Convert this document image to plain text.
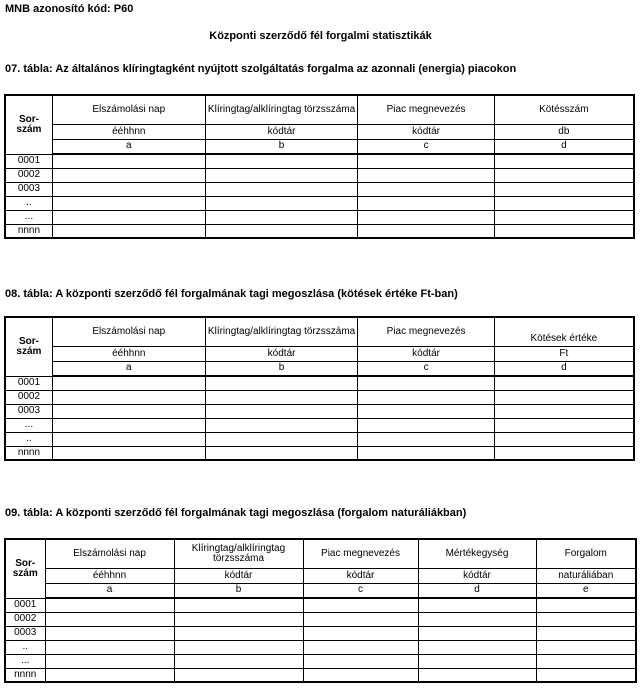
MNB azonosító kód: P60
Központi szerződő fél forgalmi statisztikák
07. tábla: Az általános klíringtagként nyújtott szolgáltatás forgalma az azonnali (energia) piacokon
Sor-
szám	Elszámolási nap	Klíringtag/alklíringtag törzsszáma	Piac megnevezés	Kötésszám
	ééhhnn	kódtár	kódtár	db
	a	b	c	d
0001				
0002				
0003				
..				
...				
nnnn				
08. tábla: A központi szerződő fél forgalmának tagi megoszlása (kötések értéke Ft-ban)
Sor-
szám	Elszámolási nap	Klíringtag/alklíringtag törzsszáma	Piac megnevezés	Kötések értéke
	ééhhnn	kódtár	kódtár	Ft
	a	b	c	d
0001				
0002				
0003				
...				
..				
nnnn				
09. tábla: A központi szerződő fél forgalmának tagi megoszlása (forgalom naturáliákban)
Sor-
szám	Elszámolási nap	Klíringtag/alklíringtag törzsszáma	Piac megnevezés	Mértékegység	Forgalom
	ééhhnn	kódtár	kódtár	kódtár	naturáliában
	a	b	c	d	e
0001					
0002					
0003					
..					
...					
nnnn					
